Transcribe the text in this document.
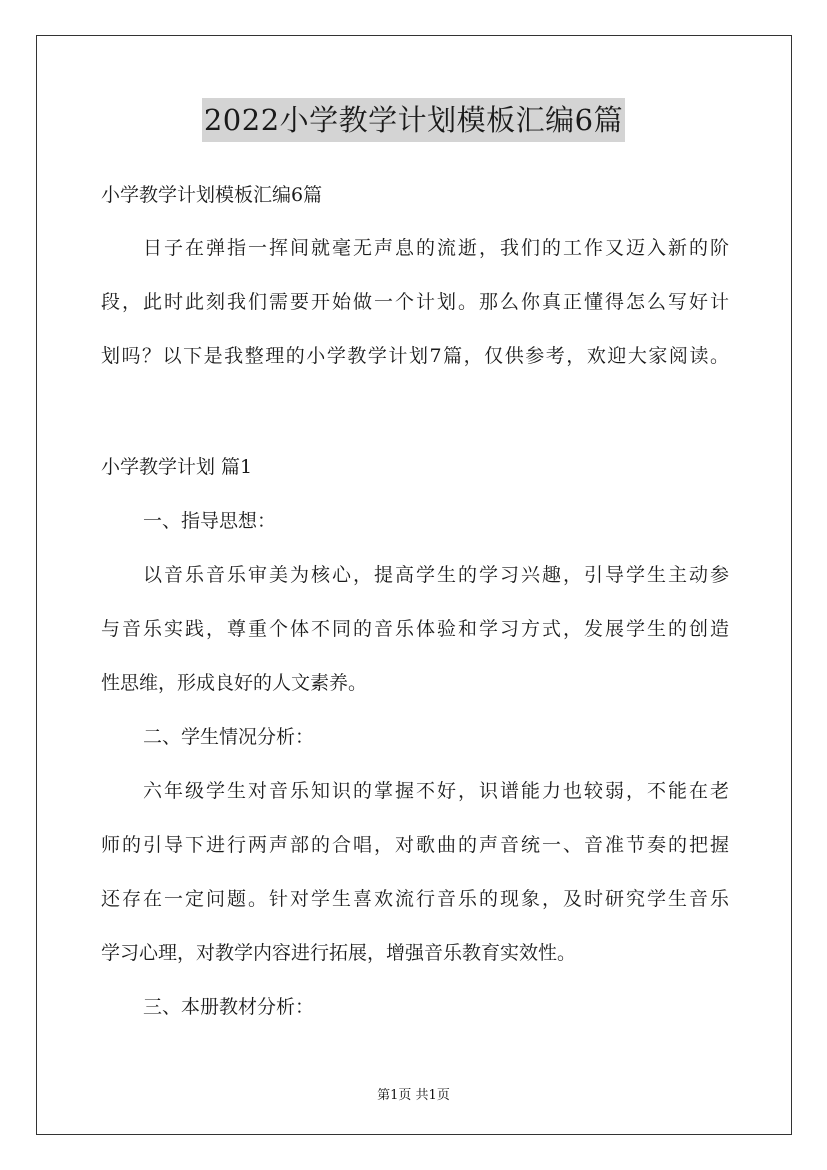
2022小学教学计划模板汇编6篇

小学教学计划模板汇编6篇

日子在弹指一挥间就毫无声息的流逝，我们的工作又迈入新的阶

段，此时此刻我们需要开始做一个计划。那么你真正懂得怎么写好计

划吗？以下是我整理的小学教学计划7篇，仅供参考，欢迎大家阅读。

小学教学计划 篇1

一、指导思想：

以音乐音乐审美为核心，提高学生的学习兴趣，引导学生主动参

与音乐实践，尊重个体不同的音乐体验和学习方式，发展学生的创造

性思维，形成良好的人文素养。

二、学生情况分析：

六年级学生对音乐知识的掌握不好，识谱能力也较弱，不能在老

师的引导下进行两声部的合唱，对歌曲的声音统一、音准节奏的把握

还存在一定问题。针对学生喜欢流行音乐的现象，及时研究学生音乐

学习心理，对教学内容进行拓展，增强音乐教育实效性。

三、本册教材分析：

第1页 共1页
